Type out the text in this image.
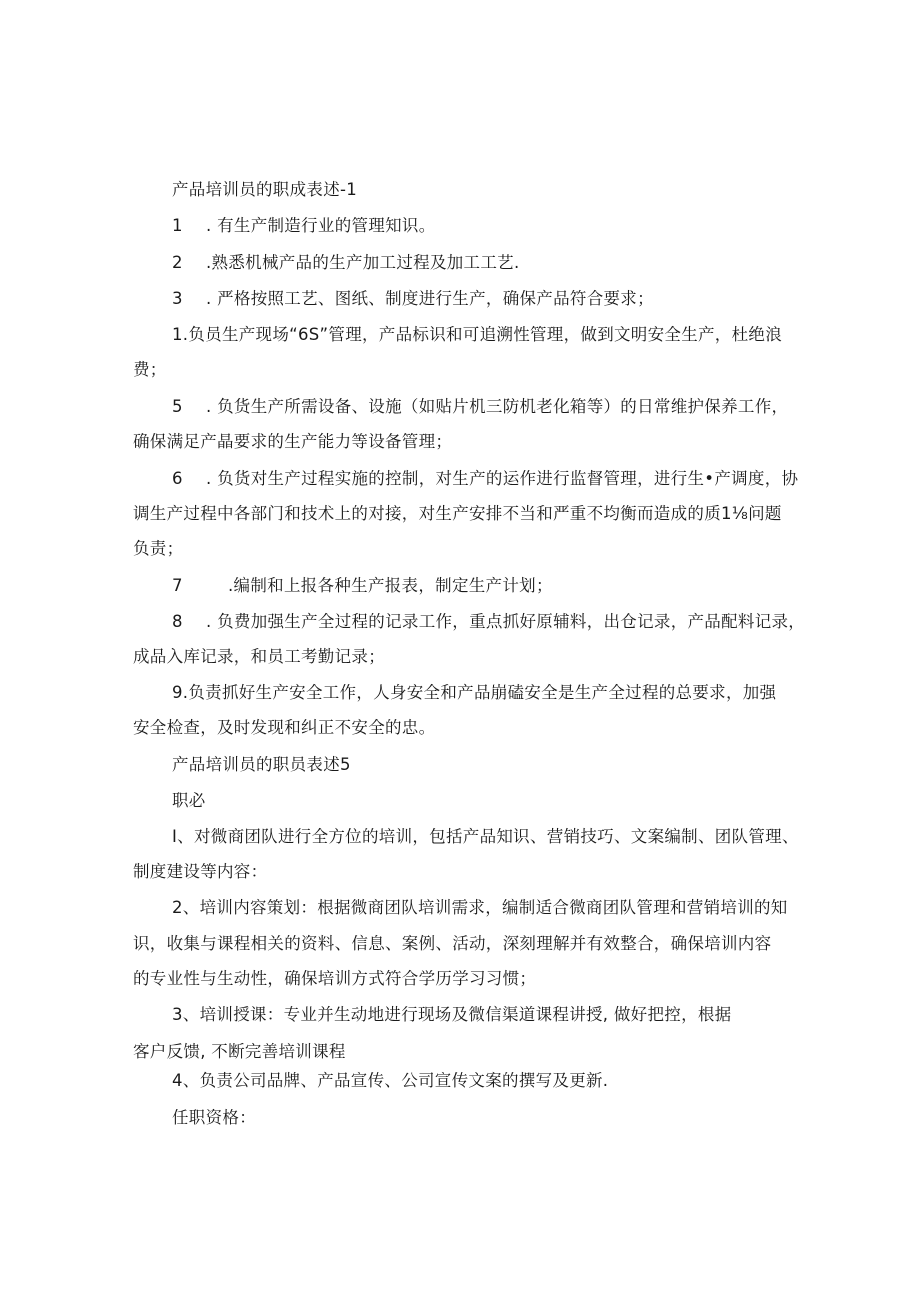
产品培训员的职成表述-1
1 . 有生产制造行业的管理知识。
2 .熟悉机械产品的生产加工过程及加工工艺.
3 . 严格按照工艺、图纸、制度进行生产，确保产品符合要求；
1.负员生产现场“6S”管理，产品标识和可追溯性管理，做到文明安全生产，杜绝浪
费；
5 . 负货生产所需设备、设施（如贴片机三防机老化箱等）的日常维护保养工作，
确保满足产晶要求的生产能力等设备管理；
6 . 负货对生产过程实施的控制，对生产的运作进行监督管理，进行生•产调度，协
调生产过程中各部门和技术上的对接，对生产安排不当和严重不均衡而造成的质1⅛问题
负责；
7	.编制和上报各种生产报表，制定生产计划；
8 . 负费加强生产全过程的记录工作，重点抓好原辅料，出仓记录，产品配料记录，
成品入库记录，和员工考勤记录；
9.负责抓好生产安全工作，人身安全和产品崩磕安全是生产全过程的总要求，加强
安全检查，及时发现和纠正不安全的忠。
产品培训员的职员表述5
职必
I、对微商团队进行全方位的培训，包括产品知识、营销技巧、文案编制、团队管理、
制度建设等内容：
2、培训内容策划：根据微商团队培训需求，编制适合微商团队管理和营销培训的知
识，收集与课程相关的资料、信息、案例、活动，深刻理解并有效整合，确保培训内容
的专业性与生动性，确保培训方式符合学历学习习惯；
3、培训授课：专业并生动地进行现场及微信渠道课程讲授, 做好把控，根据
客户反馈, 不断完善培训课程
4、负责公司品牌、产品宣传、公司宣传文案的撰写及更新.
任职资格：
